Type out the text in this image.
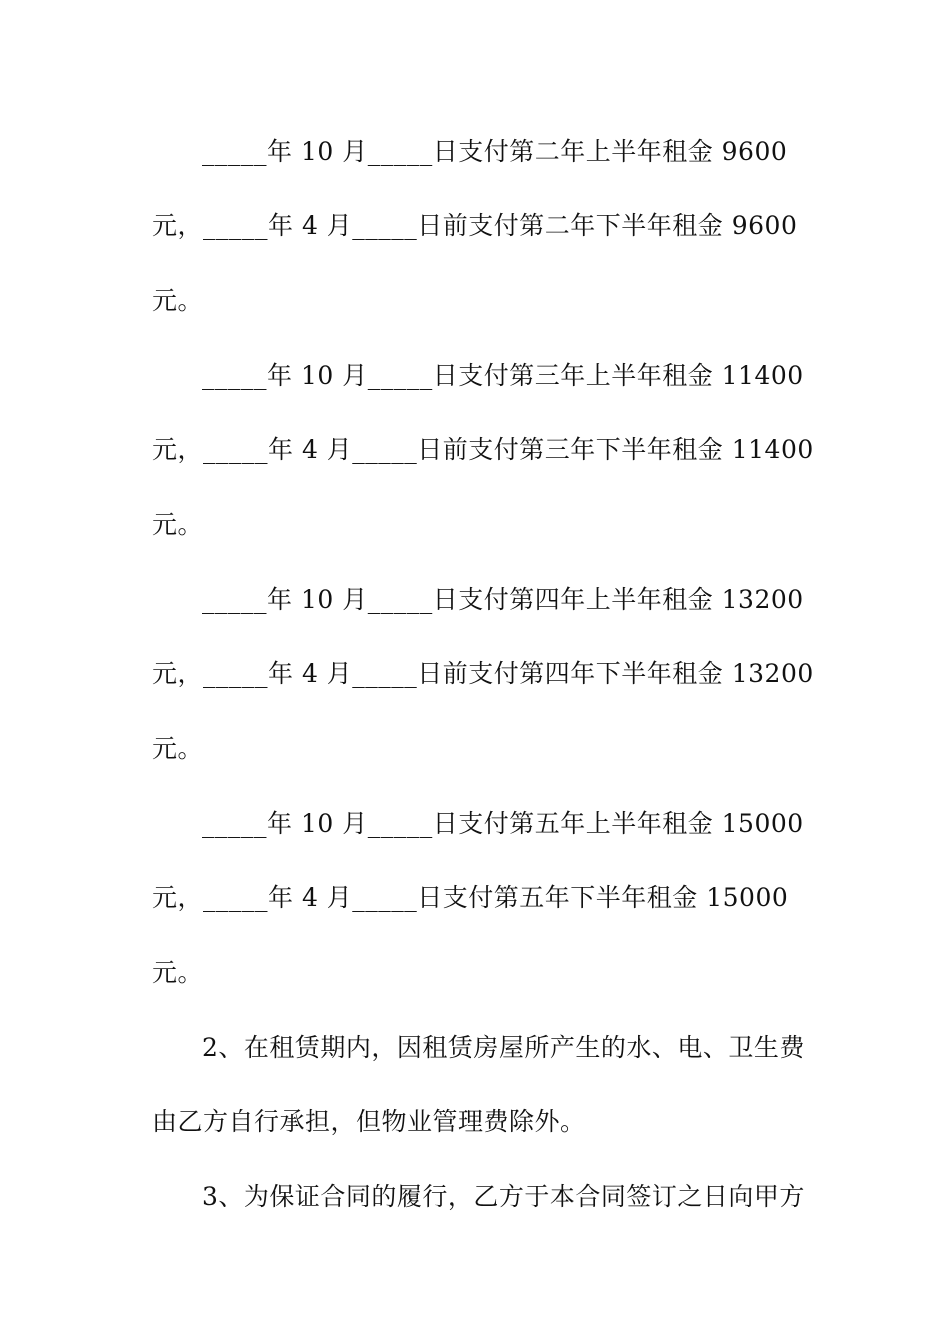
_____年 10 月_____日支付第二年上半年租金 9600
元，_____年 4 月_____日前支付第二年下半年租金 9600
元。
_____年 10 月_____日支付第三年上半年租金 11400
元，_____年 4 月_____日前支付第三年下半年租金 11400
元。
_____年 10 月_____日支付第四年上半年租金 13200
元，_____年 4 月_____日前支付第四年下半年租金 13200
元。
_____年 10 月_____日支付第五年上半年租金 15000
元，_____年 4 月_____日支付第五年下半年租金 15000
元。
2、在租赁期内，因租赁房屋所产生的水、电、卫生费
由乙方自行承担，但物业管理费除外。
3、为保证合同的履行，乙方于本合同签订之日向甲方
